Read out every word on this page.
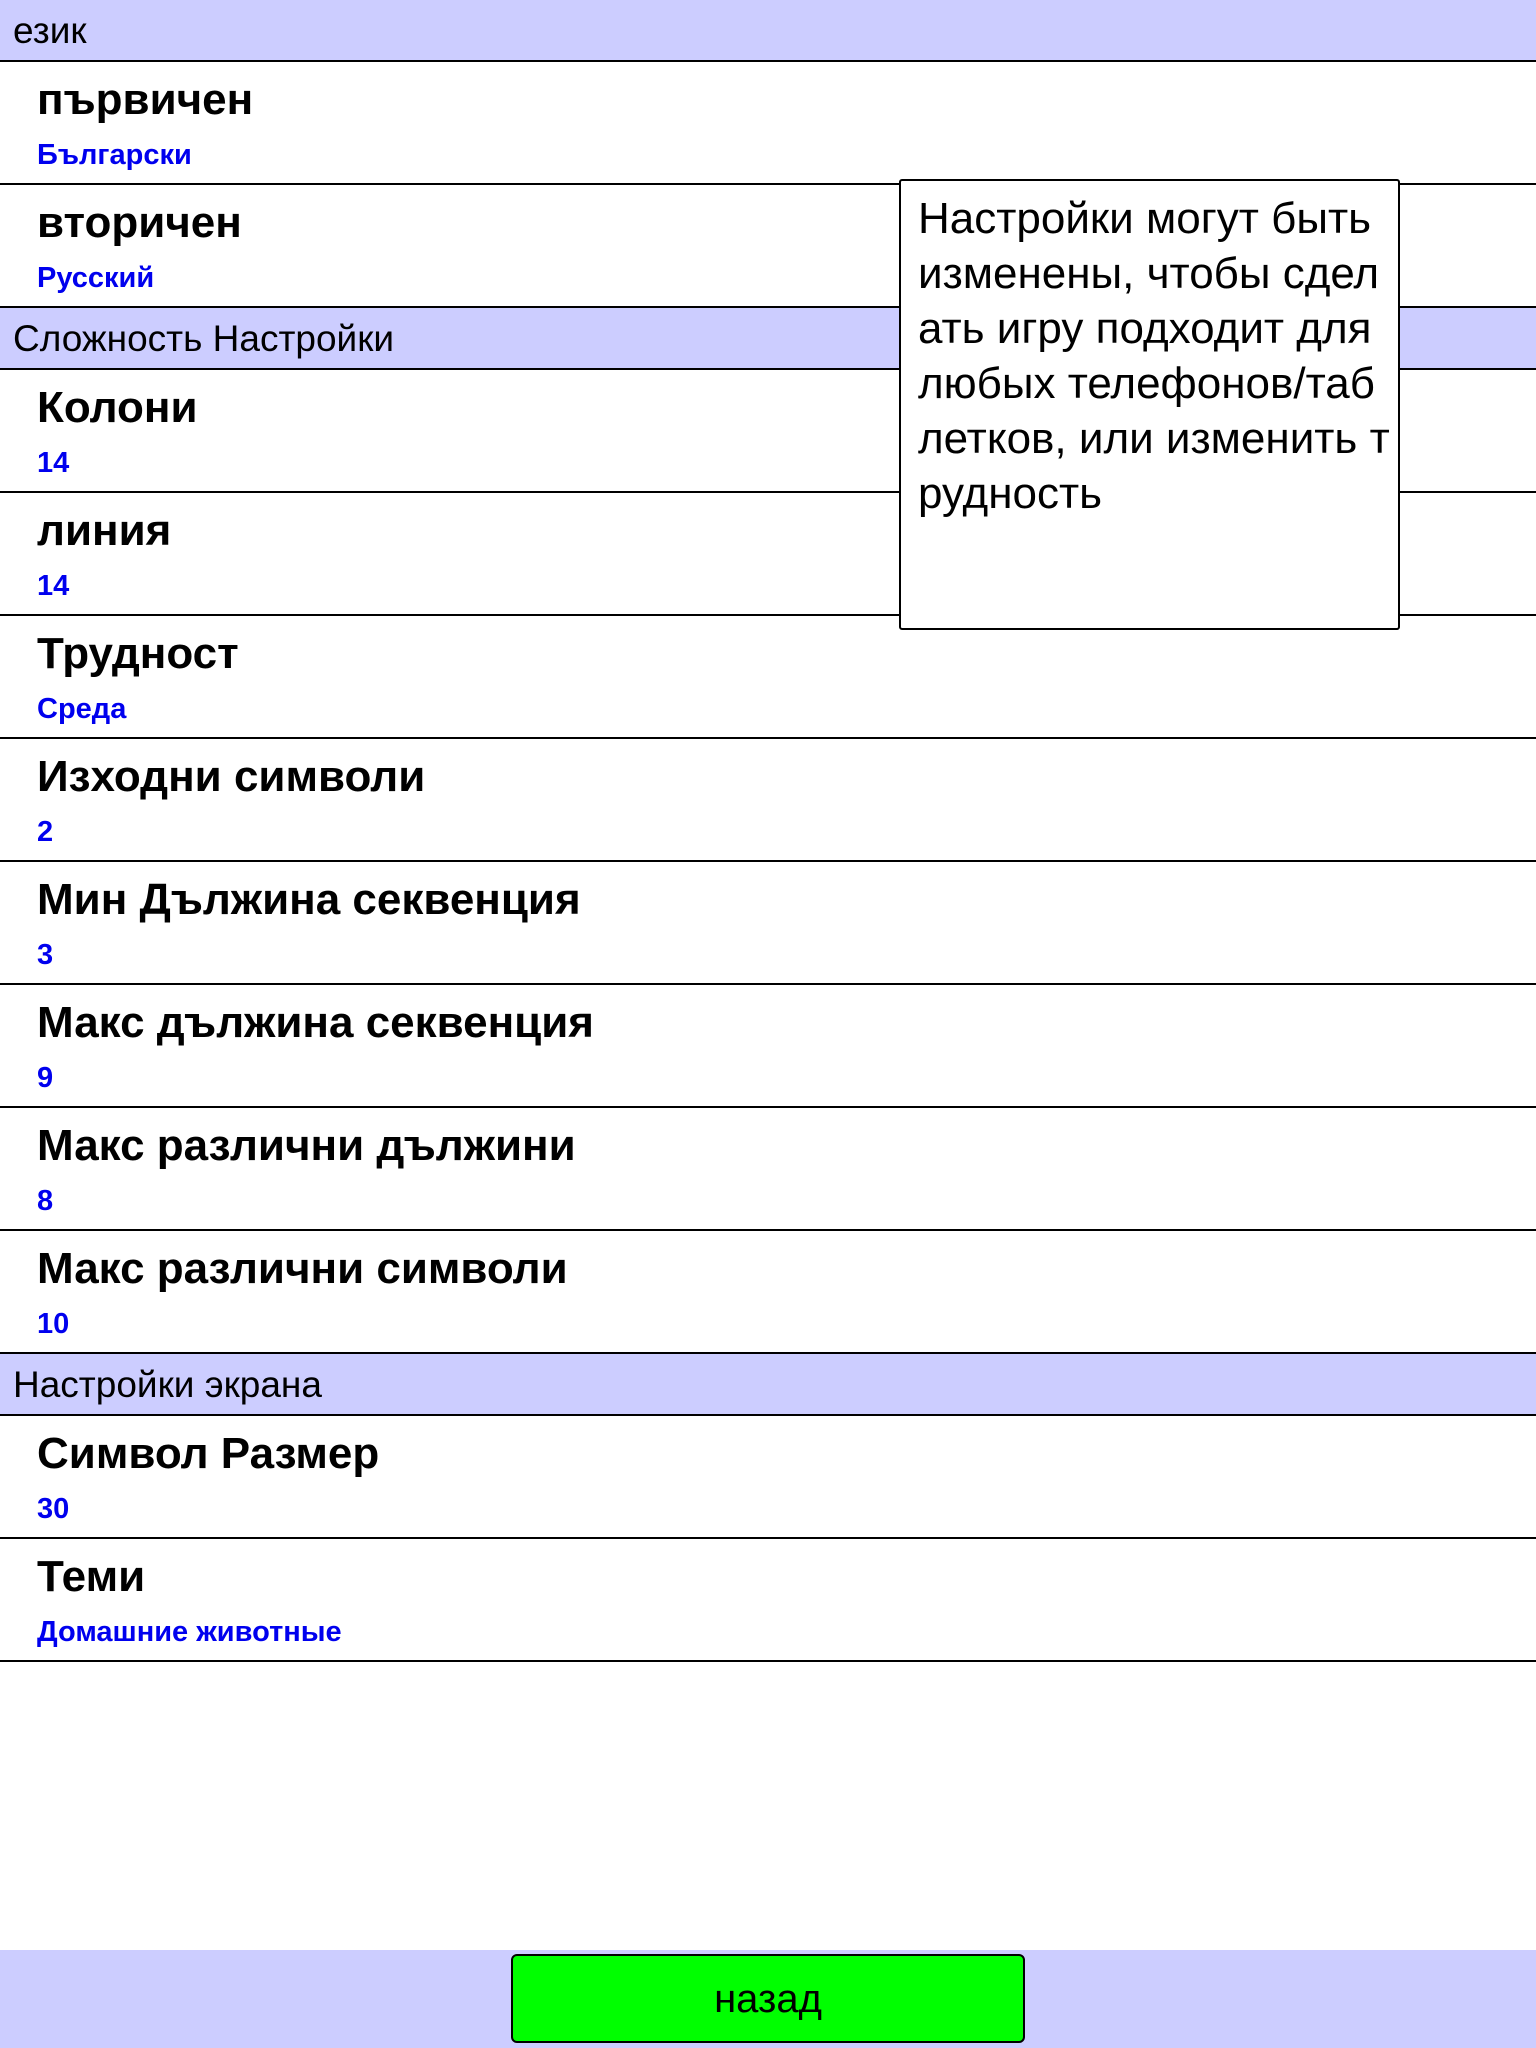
език
първичен
Български
вторичен
Русский
Сложность Настройки
Колони
14
линия
14
Трудност
Среда
Изходни символи
2
Мин Дължина секвенция
3
Макс дължина секвенция
9
Макс различни дължини
8
Макс различни символи
10
Настройки экрана
Символ Размер
30
Теми
Домашние животные
Настройки могут быть изменены, чтобы сделать игру подходит для любых телефонов/таблетков, или изменить трудность
назад
